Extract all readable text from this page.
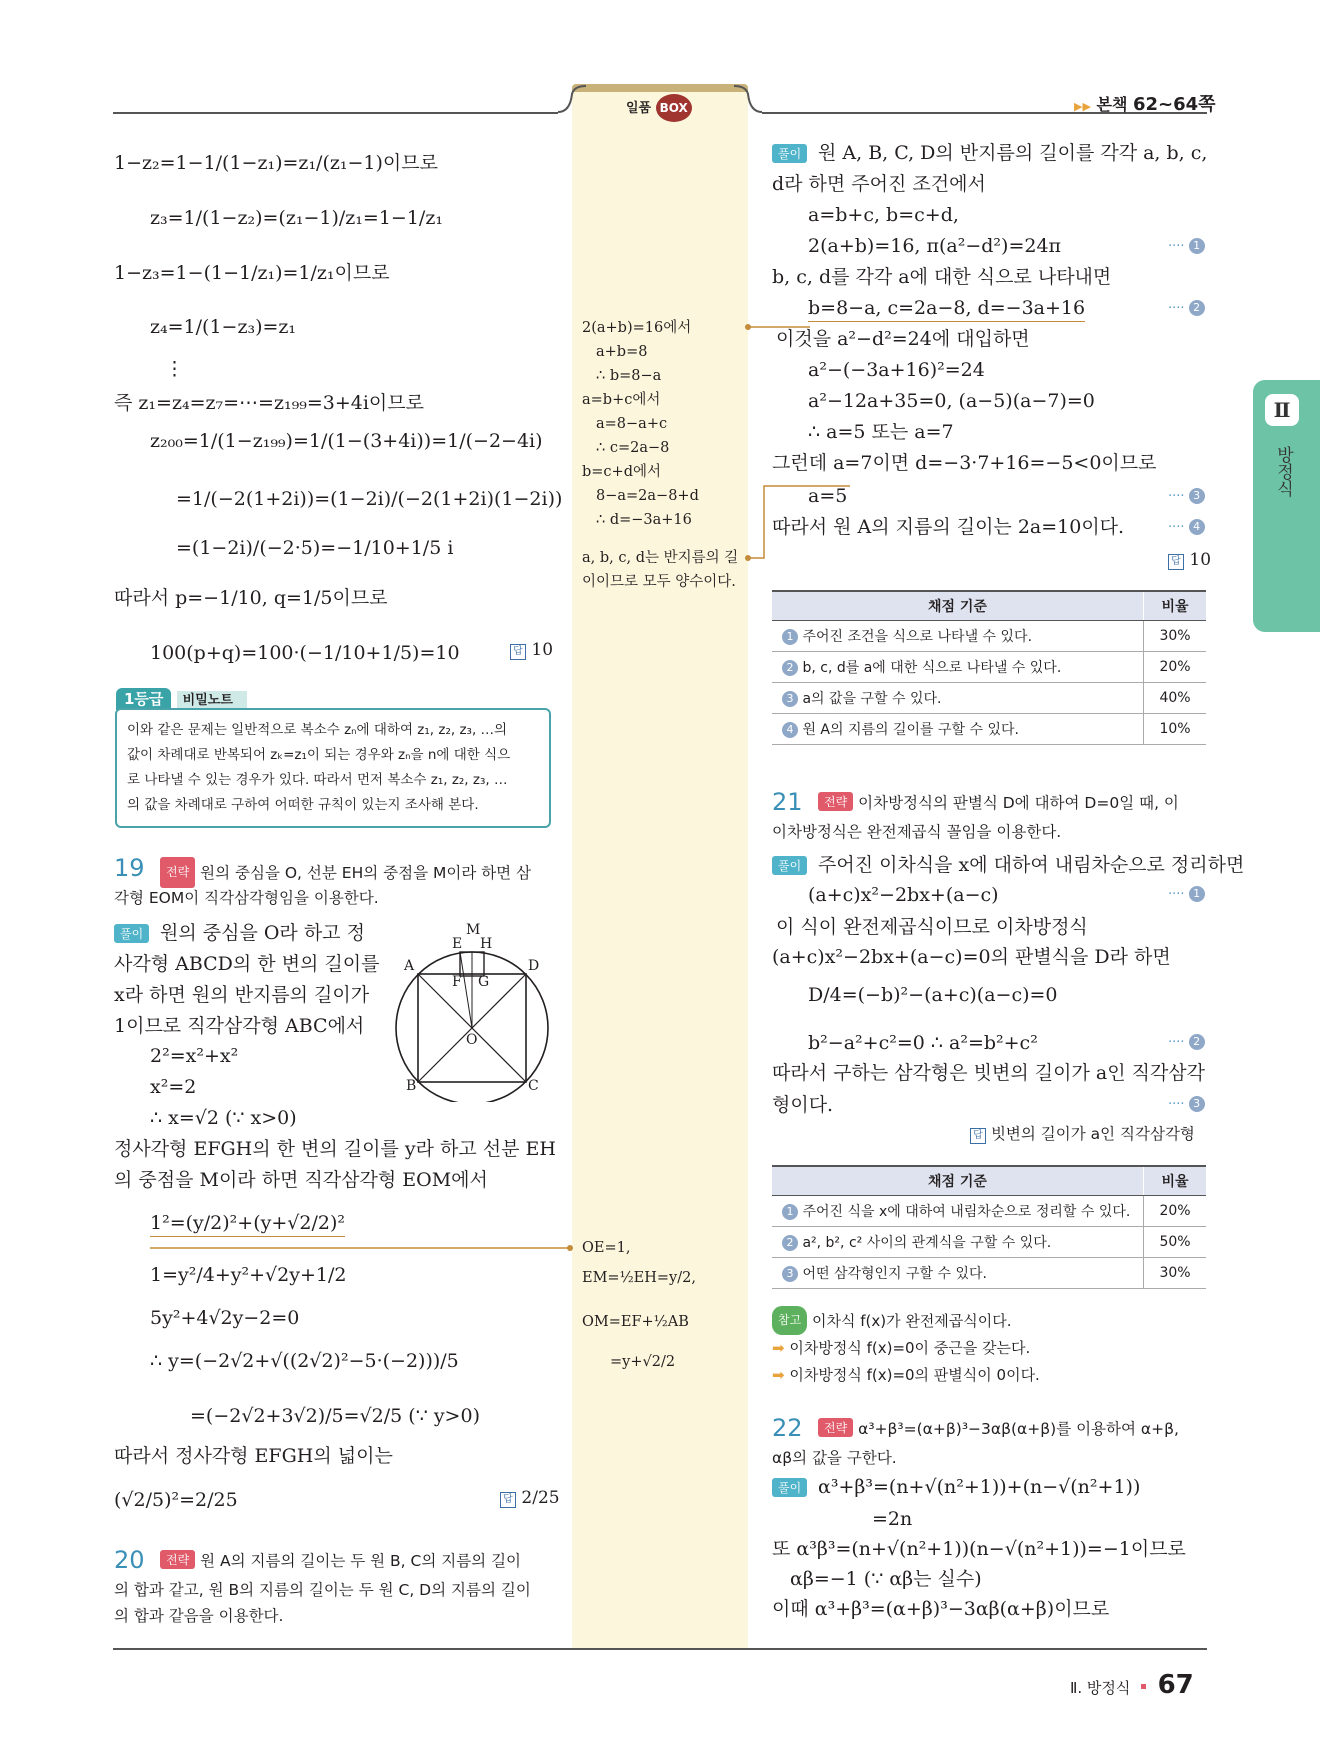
일품 BOX	▶▶ 본책 62~64쪽
Ⅱ
방정식
1−z₂=1−1/(1−z₁)=z₁/(z₁−1)이므로
z₃=1/(1−z₂)=(z₁−1)/z₁=1−1/z₁
1−z₃=1−(1−1/z₁)=1/z₁이므로
z₄=1/(1−z₃)=z₁
⋮
즉 z₁=z₄=z₇=⋯=z₁₉₉=3+4i이므로
z₂₀₀=1/(1−z₁₉₉)=1/(1−(3+4i))=1/(−2−4i)
=1/(−2(1+2i))=(1−2i)/(−2(1+2i)(1−2i))
=(1−2i)/(−2·5)=−1/10+1/5 i
따라서 p=−1/10, q=1/5이므로
100(p+q)=100·(−1/10+1/5)=10	답 10
1등급 비밀노트
이와 같은 문제는 일반적으로 복소수 zₙ에 대하여 z₁, z₂, z₃, …의
값이 차례대로 반복되어 zₖ=z₁이 되는 경우와 zₙ을 n에 대한 식으
로 나타낼 수 있는 경우가 있다. 따라서 먼저 복소수 z₁, z₂, z₃, …
의 값을 차례대로 구하여 어떠한 규칙이 있는지 조사해 본다.
19	전략 원의 중심을 O, 선분 EH의 중점을 M이라 하면 삼
각형 EOM이 직각삼각형임을 이용한다.
원의 중심을 O라 하고 정
사각형 ABCD의 한 변의 길이를
x라 하면 원의 반지름의 길이가
1이므로 직각삼각형 ABC에서
2²=x²+x²
x²=2
∴ x=√2 (∵ x>0)
정사각형 EFGH의 한 변의 길이를 y라 하고 선분 EH
의 중점을 M이라 하면 직각삼각형 EOM에서
1²=(y/2)²+(y+√2/2)²
1=y²/4+y²+√2y+1/2
5y²+4√2y−2=0
∴ y=(−2√2+√((2√2)²−5·(−2)))/5
=(−2√2+3√2)/5=√2/5 (∵ y>0)
따라서 정사각형 EFGH의 넓이는
(√2/5)²=2/25
풀이	M
E H
A	D
F G
O
B	C
답 2/25
20	전략 원 A의 지름의 길이는 두 원 B, C의 지름의 길이
의 합과 같고, 원 B의 지름의 길이는 두 원 C, D의 지름의 길이
의 합과 같음을 이용한다.
2(a+b)=16에서
a+b=8
∴ b=8−a
a=b+c에서
a=8−a+c
∴ c=2a−8
b=c+d에서
8−a=2a−8+d
∴ d=−3a+16
a, b, c, d는 반지름의 길
이이므로 모두 양수이다.
OE=1,
EM=½EH=y/2,
OM=EF+½AB
=y+√2/2
원 A, B, C, D의 반지름의 길이를 각각 a, b, c,
d라 하면 주어진 조건에서
a=b+c, b=c+d,
2(a+b)=16, π(a²−d²)=24π
b, c, d를 각각 a에 대한 식으로 나타내면
b=8−a, c=2a−8, d=−3a+16
이것을 a²−d²=24에 대입하면
a²−(−3a+16)²=24
a²−12a+35=0, (a−5)(a−7)=0
∴ a=5 또는 a=7
그런데 a=7이면 d=−3·7+16=−5<0이므로
a=5
따라서 원 A의 지름의 길이는 2a=10이다.
풀이
···· 1
···· 2
···· 3
···· 4
답 10
채점 기준	비율
1 주어진 조건을 식으로 나타낼 수 있다.	30%
2 b, c, d를 a에 대한 식으로 나타낼 수 있다.	20%
3 a의 값을 구할 수 있다.	40%
4 원 A의 지름의 길이를 구할 수 있다.	10%
21	전략 이차방정식의 판별식 D에 대하여 D=0일 때, 이
이차방정식은 완전제곱식 꼴임을 이용한다.
주어진 이차식을 x에 대하여 내림차순으로 정리하면
(a+c)x²−2bx+(a−c)
이 식이 완전제곱식이므로 이차방정식
(a+c)x²−2bx+(a−c)=0의 판별식을 D라 하면
D/4=(−b)²−(a+c)(a−c)=0
b²−a²+c²=0 ∴ a²=b²+c²
따라서 구하는 삼각형은 빗변의 길이가 a인 직각삼각
형이다.
풀이
···· 1
···· 2
···· 3
답 빗변의 길이가 a인 직각삼각형
채점 기준	비율
1 주어진 식을 x에 대하여 내림차순으로 정리할 수 있다.	20%
2 a², b², c² 사이의 관계식을 구할 수 있다.	50%
3 어떤 삼각형인지 구할 수 있다.	30%
참고 이차식 f(x)가 완전제곱식이다.
➡ 이차방정식 f(x)=0이 중근을 갖는다.
➡ 이차방정식 f(x)=0의 판별식이 0이다.
22	전략 α³+β³=(α+β)³−3αβ(α+β)를 이용하여 α+β,
αβ의 값을 구한다.
α³+β³=(n+√(n²+1))+(n−√(n²+1))
=2n
또 α³β³=(n+√(n²+1))(n−√(n²+1))=−1이므로
αβ=−1 (∵ αβ는 실수)
이때 α³+β³=(α+β)³−3αβ(α+β)이므로
풀이
Ⅱ. 방정식 67
